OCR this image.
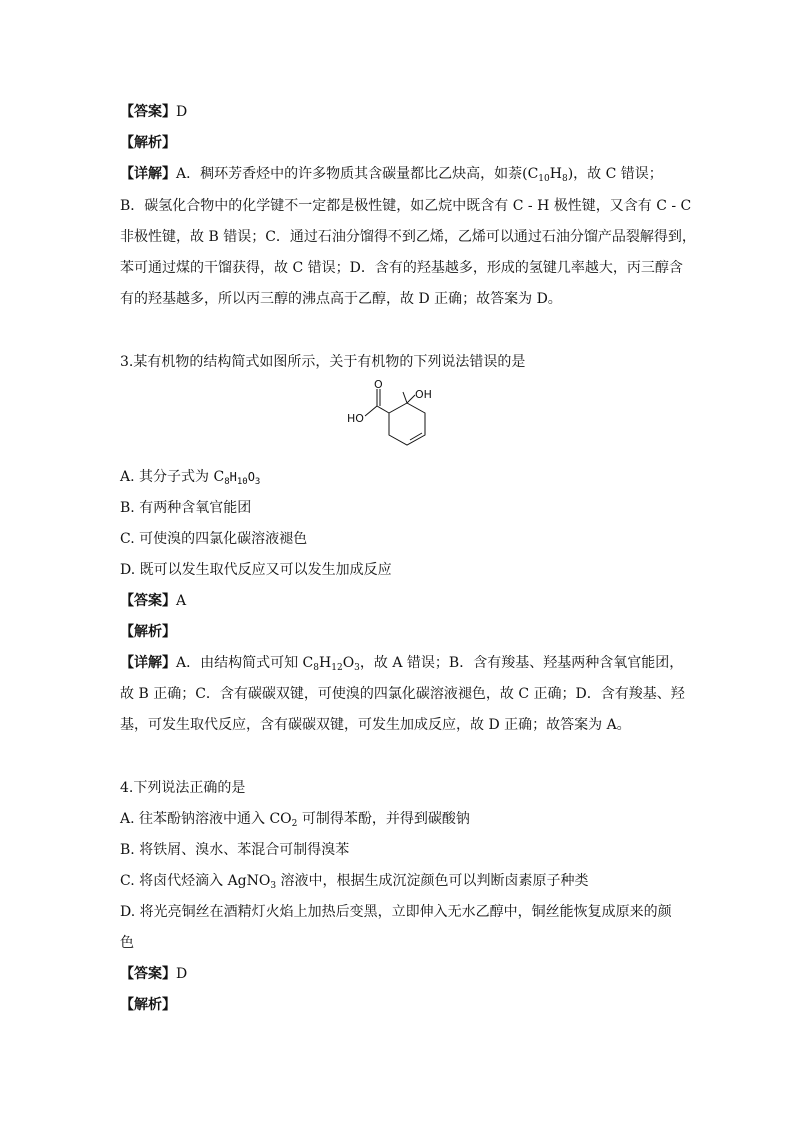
【答案】D
【解析】
【详解】A．稠环芳香烃中的许多物质其含碳量都比乙炔高，如萘$(C_{10}H_8)$，故 C 错误；
B．碳氢化合物中的化学键不一定都是极性键，如乙烷中既含有 C - H 极性键，又含有 C - C
非极性键，故 B 错误；C．通过石油分馏得不到乙烯，乙烯可以通过石油分馏产品裂解得到，
苯可通过煤的干馏获得，故 C 错误；D．含有的羟基越多，形成的氢键几率越大，丙三醇含
有的羟基越多，所以丙三醇的沸点高于乙醇，故 D 正确；故答案为 D。
3.某有机物的结构简式如图所示，关于有机物的下列说法错误的是
OH
O
HO
A. 其分子式为 $C_8H_{10}O_3$
B. 有两种含氧官能团
C. 可使溴的四氯化碳溶液褪色
D. 既可以发生取代反应又可以发生加成反应
【答案】A
【解析】
【详解】A．由结构简式可知 $C_8H_{12}O_3$，故 A 错误；B．含有羧基、羟基两种含氧官能团，
故 B 正确；C．含有碳碳双键，可使溴的四氯化碳溶液褪色，故 C 正确；D．含有羧基、羟
基，可发生取代反应，含有碳碳双键，可发生加成反应，故 D 正确；故答案为 A。
4.下列说法正确的是
A. 往苯酚钠溶液中通入 $CO_2$ 可制得苯酚，并得到碳酸钠
B. 将铁屑、溴水、苯混合可制得溴苯
C. 将卤代烃滴入 AgNO$_3$ 溶液中，根据生成沉淀颜色可以判断卤素原子种类
D. 将光亮铜丝在酒精灯火焰上加热后变黑，立即伸入无水乙醇中，铜丝能恢复成原来的颜
色
【答案】D
【解析】
